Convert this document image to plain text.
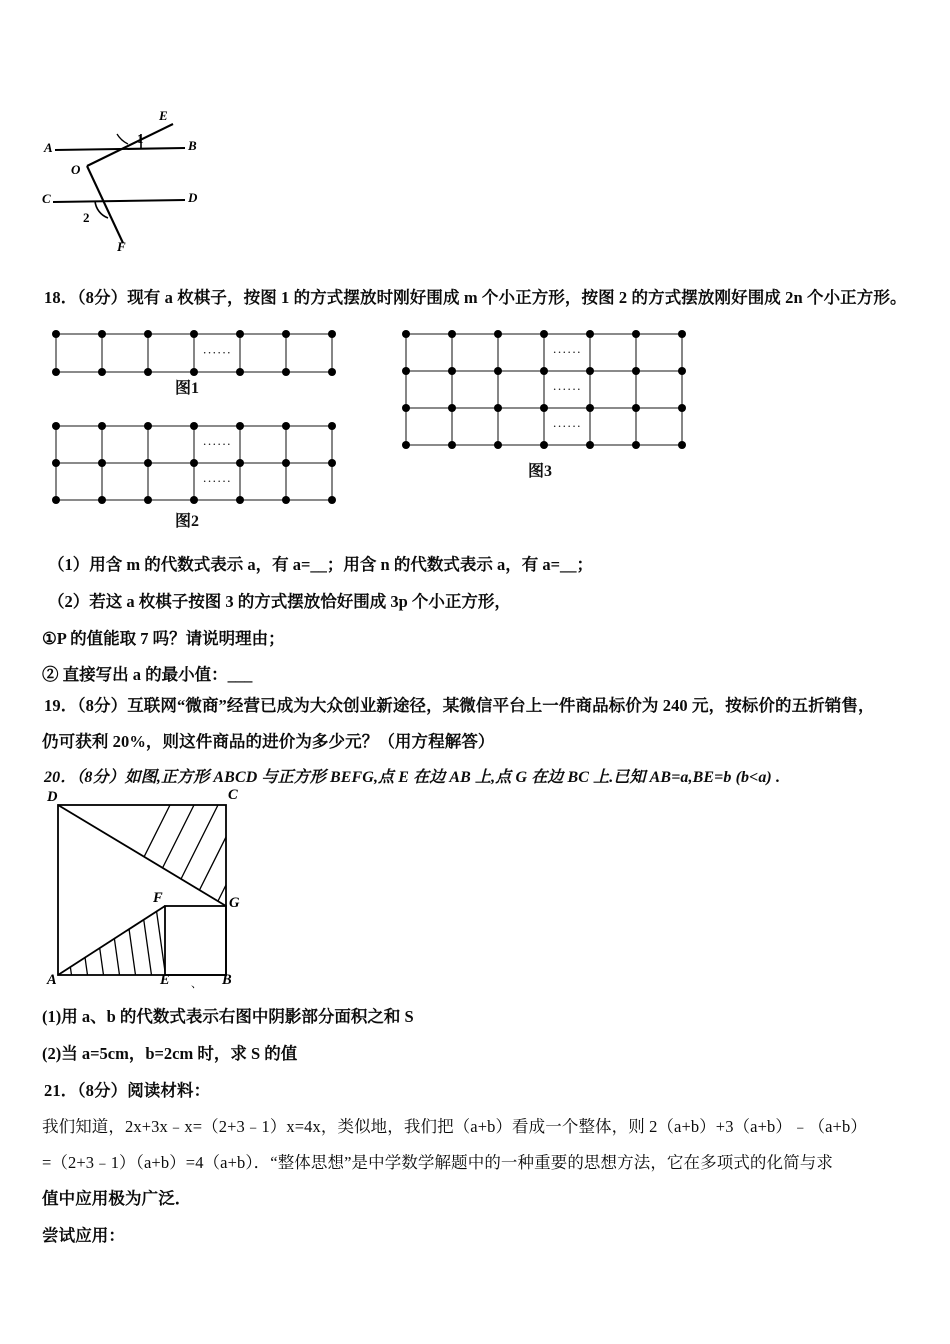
A	B
C	D
E
F
O
1
2
18．（8分）现有 a 枚棋子，按图 1 的方式摆放时刚好围成 m 个小正方形，按图 2 的方式摆放刚好围成 2n 个小正方形。
······
图1
······
······
图2
······
······
······
图3
（1）用含 m 的代数式表示 a，有 a=__；用含 n 的代数式表示 a，有 a=__；
（2）若这 a 枚棋子按图 3 的方式摆放恰好围成 3p 个小正方形，
①P 的值能取 7 吗？请说明理由；
② 直接写出 a 的最小值：___
19．（8分）互联网“微商”经营已成为大众创业新途径，某微信平台上一件商品标价为 240 元，按标价的五折销售，
仍可获利 20%，则这件商品的进价为多少元？（用方程解答）
20．（8分）如图,正方形 ABCD 与正方形 BEFG,点 E 在边 AB 上,点 G 在边 BC 上.已知 AB=a,BE=b (b<a) .
D	C
A	B
E
F	G
、
(1)用 a、b 的代数式表示右图中阴影部分面积之和 S
(2)当 a=5cm，b=2cm 时，求 S 的值
21．（8分）阅读材料：
我们知道，2x+3x﹣x=（2+3﹣1）x=4x，类似地，我们把（a+b）看成一个整体，则 2（a+b）+3（a+b）﹣（a+b）
=（2+3﹣1）（a+b）=4（a+b）．“整体思想”是中学数学解题中的一种重要的思想方法，它在多项式的化简与求
值中应用极为广泛．
尝试应用：
